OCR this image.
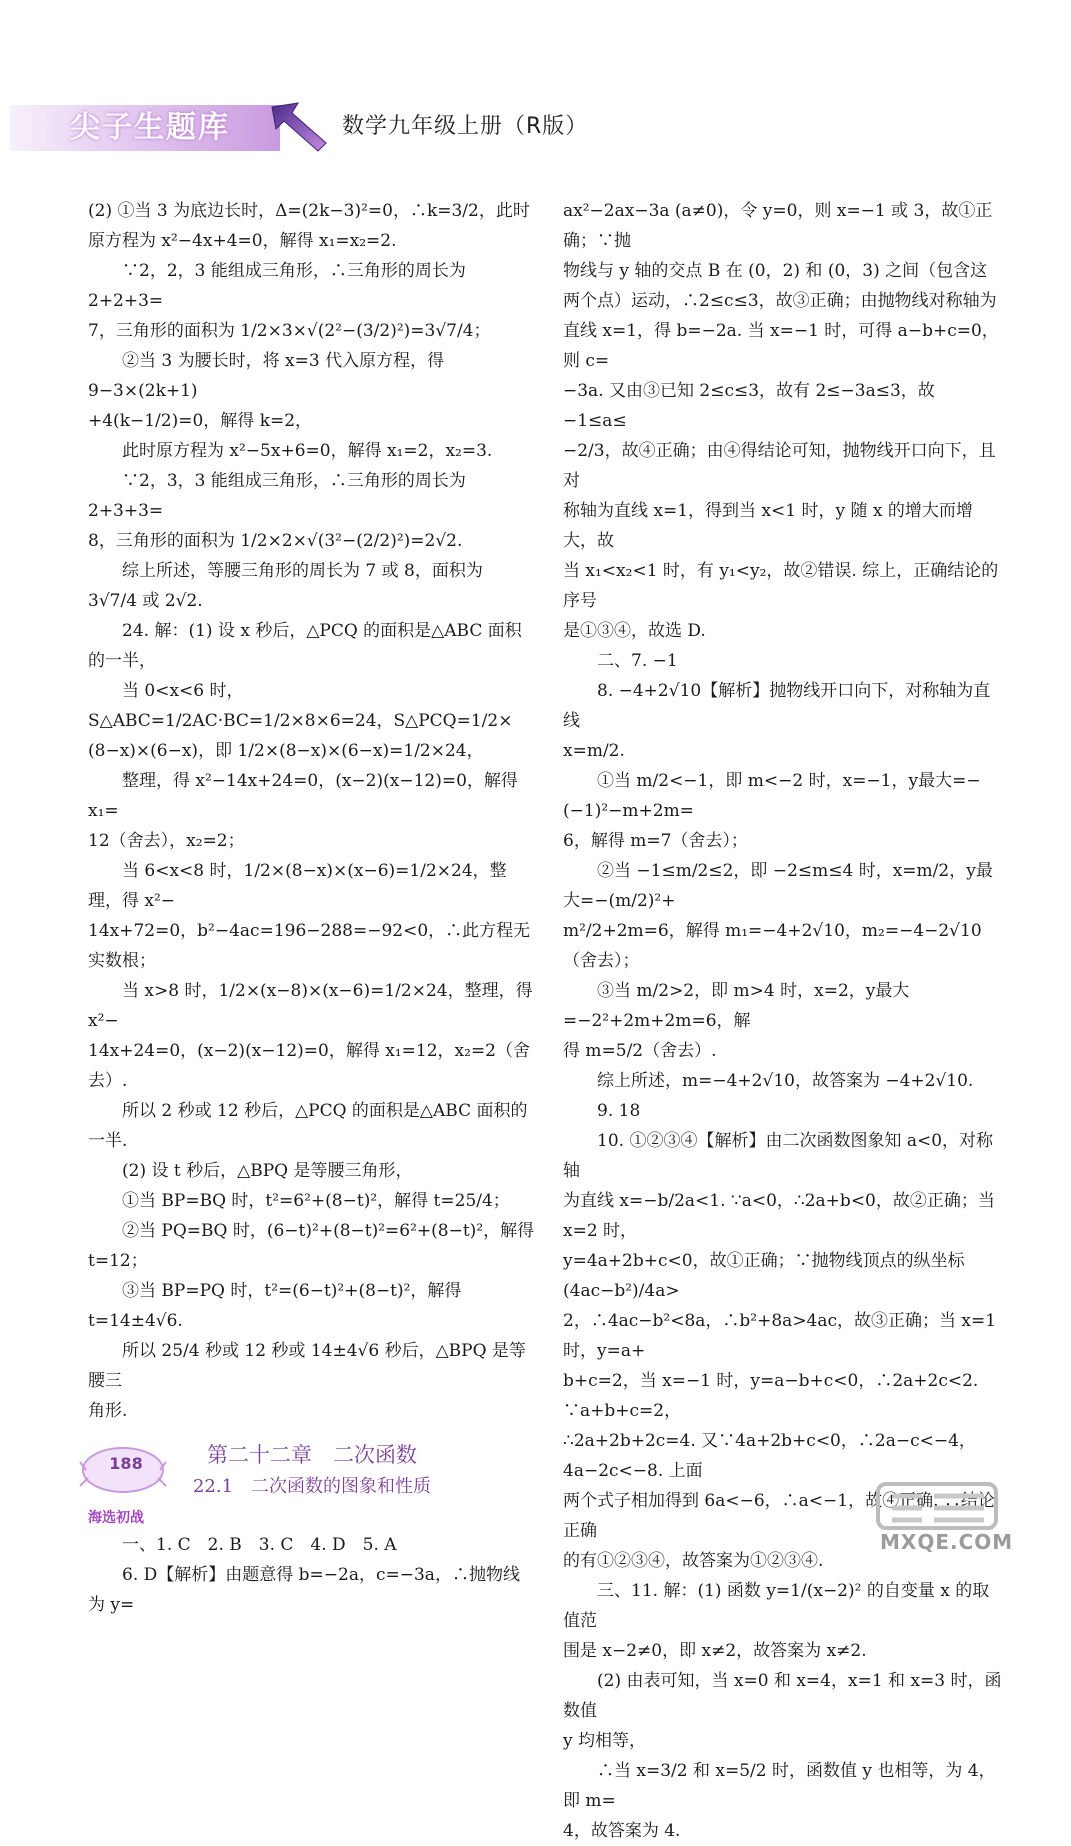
尖子生题库	数学九年级上册（R版）

(2) ①当 3 为底边长时，Δ=(2k−3)²=0，∴k=3/2，此时

原方程为 x²−4x+4=0，解得 x₁=x₂=2.

∵2，2，3 能组成三角形，∴三角形的周长为 2+2+3=

7，三角形的面积为 1/2×3×√(2²−(3/2)²)=3√7/4；

②当 3 为腰长时，将 x=3 代入原方程，得 9−3×(2k+1)

+4(k−1/2)=0，解得 k=2，

此时原方程为 x²−5x+6=0，解得 x₁=2，x₂=3.

∵2，3，3 能组成三角形，∴三角形的周长为 2+3+3=

8，三角形的面积为 1/2×2×√(3²−(2/2)²)=2√2.

综上所述，等腰三角形的周长为 7 或 8，面积为

3√7/4 或 2√2.

24. 解：(1) 设 x 秒后，△PCQ 的面积是△ABC 面积

的一半，

当 0<x<6 时，S△ABC=1/2AC·BC=1/2×8×6=24，S△PCQ=1/2×

(8−x)×(6−x)，即 1/2×(8−x)×(6−x)=1/2×24，

整理，得 x²−14x+24=0，(x−2)(x−12)=0，解得 x₁=

12（舍去），x₂=2；

当 6<x<8 时，1/2×(8−x)×(x−6)=1/2×24，整理，得 x²−

14x+72=0，b²−4ac=196−288=−92<0，∴此方程无实数根；

当 x>8 时，1/2×(x−8)×(x−6)=1/2×24，整理，得 x²−

14x+24=0，(x−2)(x−12)=0，解得 x₁=12，x₂=2（舍去）.

所以 2 秒或 12 秒后，△PCQ 的面积是△ABC 面积的

一半.

(2) 设 t 秒后，△BPQ 是等腰三角形，

①当 BP=BQ 时，t²=6²+(8−t)²，解得 t=25/4；

②当 PQ=BQ 时，(6−t)²+(8−t)²=6²+(8−t)²，解得 t=12；

③当 BP=PQ 时，t²=(6−t)²+(8−t)²，解得 t=14±4√6.

所以 25/4 秒或 12 秒或 14±4√6 秒后，△BPQ 是等腰三

角形.

第二十二章　二次函数
22.1　二次函数的图象和性质
海选初战

一、1. C　2. B　3. C　4. D　5. A

6. D【解析】由题意得 b=−2a，c=−3a，∴抛物线为 y=

ax²−2ax−3a (a≠0)，令 y=0，则 x=−1 或 3，故①正确；∵抛

物线与 y 轴的交点 B 在 (0，2) 和 (0，3) 之间（包含这

两个点）运动，∴2≤c≤3，故③正确；由抛物线对称轴为

直线 x=1，得 b=−2a. 当 x=−1 时，可得 a−b+c=0，则 c=

−3a. 又由③已知 2≤c≤3，故有 2≤−3a≤3，故 −1≤a≤

−2/3，故④正确；由④得结论可知，抛物线开口向下，且对

称轴为直线 x=1，得到当 x<1 时，y 随 x 的增大而增大，故

当 x₁<x₂<1 时，有 y₁<y₂，故②错误. 综上，正确结论的序号

是①③④，故选 D.

二、7. −1

8. −4+2√10【解析】抛物线开口向下，对称轴为直线

x=m/2.

①当 m/2<−1，即 m<−2 时，x=−1，y最大=−(−1)²−m+2m=

6，解得 m=7（舍去）；

②当 −1≤m/2≤2，即 −2≤m≤4 时，x=m/2，y最大=−(m/2)²+

m²/2+2m=6，解得 m₁=−4+2√10，m₂=−4−2√10（舍去）；

③当 m/2>2，即 m>4 时，x=2，y最大=−2²+2m+2m=6，解

得 m=5/2（舍去）.

综上所述，m=−4+2√10，故答案为 −4+2√10.

9. 18

10. ①②③④【解析】由二次函数图象知 a<0，对称轴

为直线 x=−b/2a<1. ∵a<0，∴2a+b<0，故②正确；当 x=2 时，

y=4a+2b+c<0，故①正确；∵抛物线顶点的纵坐标 (4ac−b²)/4a>

2，∴4ac−b²<8a，∴b²+8a>4ac，故③正确；当 x=1 时，y=a+

b+c=2，当 x=−1 时，y=a−b+c<0，∴2a+2c<2. ∵a+b+c=2，

∴2a+2b+2c=4. 又∵4a+2b+c<0，∴2a−c<−4，4a−2c<−8. 上面

两个式子相加得到 6a<−6，∴a<−1，故④正确. ∴结论正确

的有①②③④，故答案为①②③④.

三、11. 解：(1) 函数 y=1/(x−2)² 的自变量 x 的取值范

围是 x−2≠0，即 x≠2，故答案为 x≠2.

(2) 由表可知，当 x=0 和 x=4，x=1 和 x=3 时，函数值

y 均相等，

∴当 x=3/2 和 x=5/2 时，函数值 y 也相等，为 4，即 m=

4，故答案为 4.

188
MXQE.COM
